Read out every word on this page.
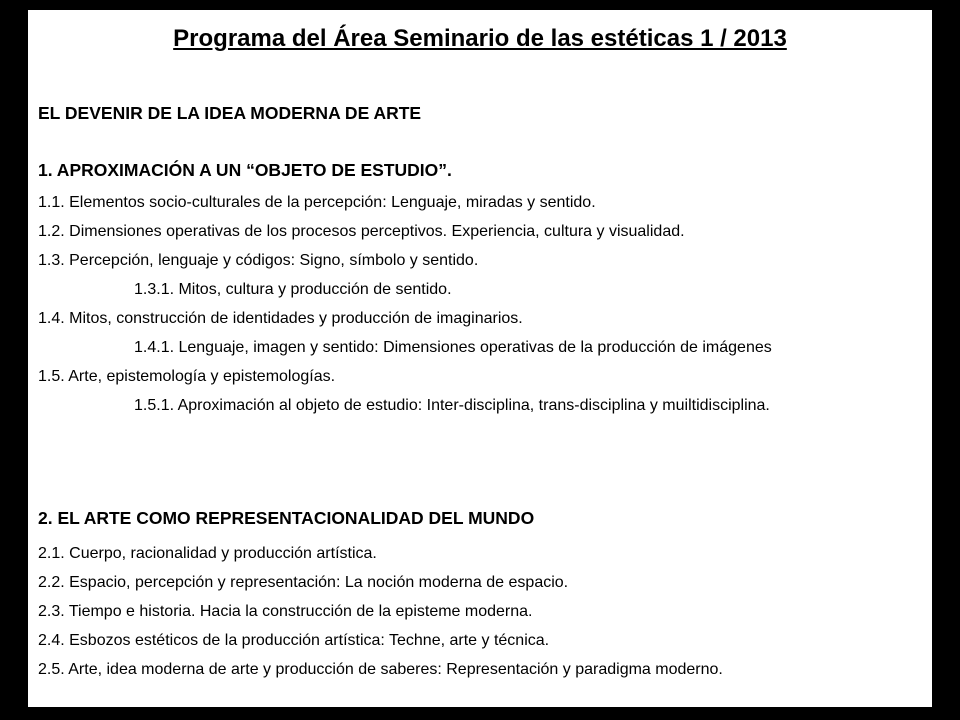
Programa del Área Seminario de las estéticas 1 / 2013
EL DEVENIR DE LA IDEA MODERNA DE ARTE
1. APROXIMACIÓN A UN “OBJETO DE ESTUDIO”.
1.1. Elementos socio-culturales de la percepción: Lenguaje, miradas y sentido.
1.2. Dimensiones operativas de los procesos perceptivos. Experiencia, cultura y visualidad.
1.3. Percepción, lenguaje y códigos: Signo, símbolo y sentido.
1.3.1. Mitos, cultura y producción de sentido.
1.4. Mitos, construcción de identidades y producción de imaginarios.
1.4.1. Lenguaje, imagen y sentido: Dimensiones operativas de la producción de imágenes
1.5. Arte, epistemología y epistemologías.
1.5.1. Aproximación al objeto de estudio: Inter-disciplina, trans-disciplina y muiltidisciplina.
2. EL ARTE COMO REPRESENTACIONALIDAD DEL MUNDO
2.1. Cuerpo, racionalidad y producción artística.
2.2. Espacio, percepción y representación: La noción moderna de espacio.
2.3. Tiempo e historia. Hacia la construcción de la episteme moderna.
2.4. Esbozos estéticos de la producción artística: Techne, arte y técnica.
2.5. Arte, idea moderna de arte y producción de saberes: Representación y paradigma moderno.
